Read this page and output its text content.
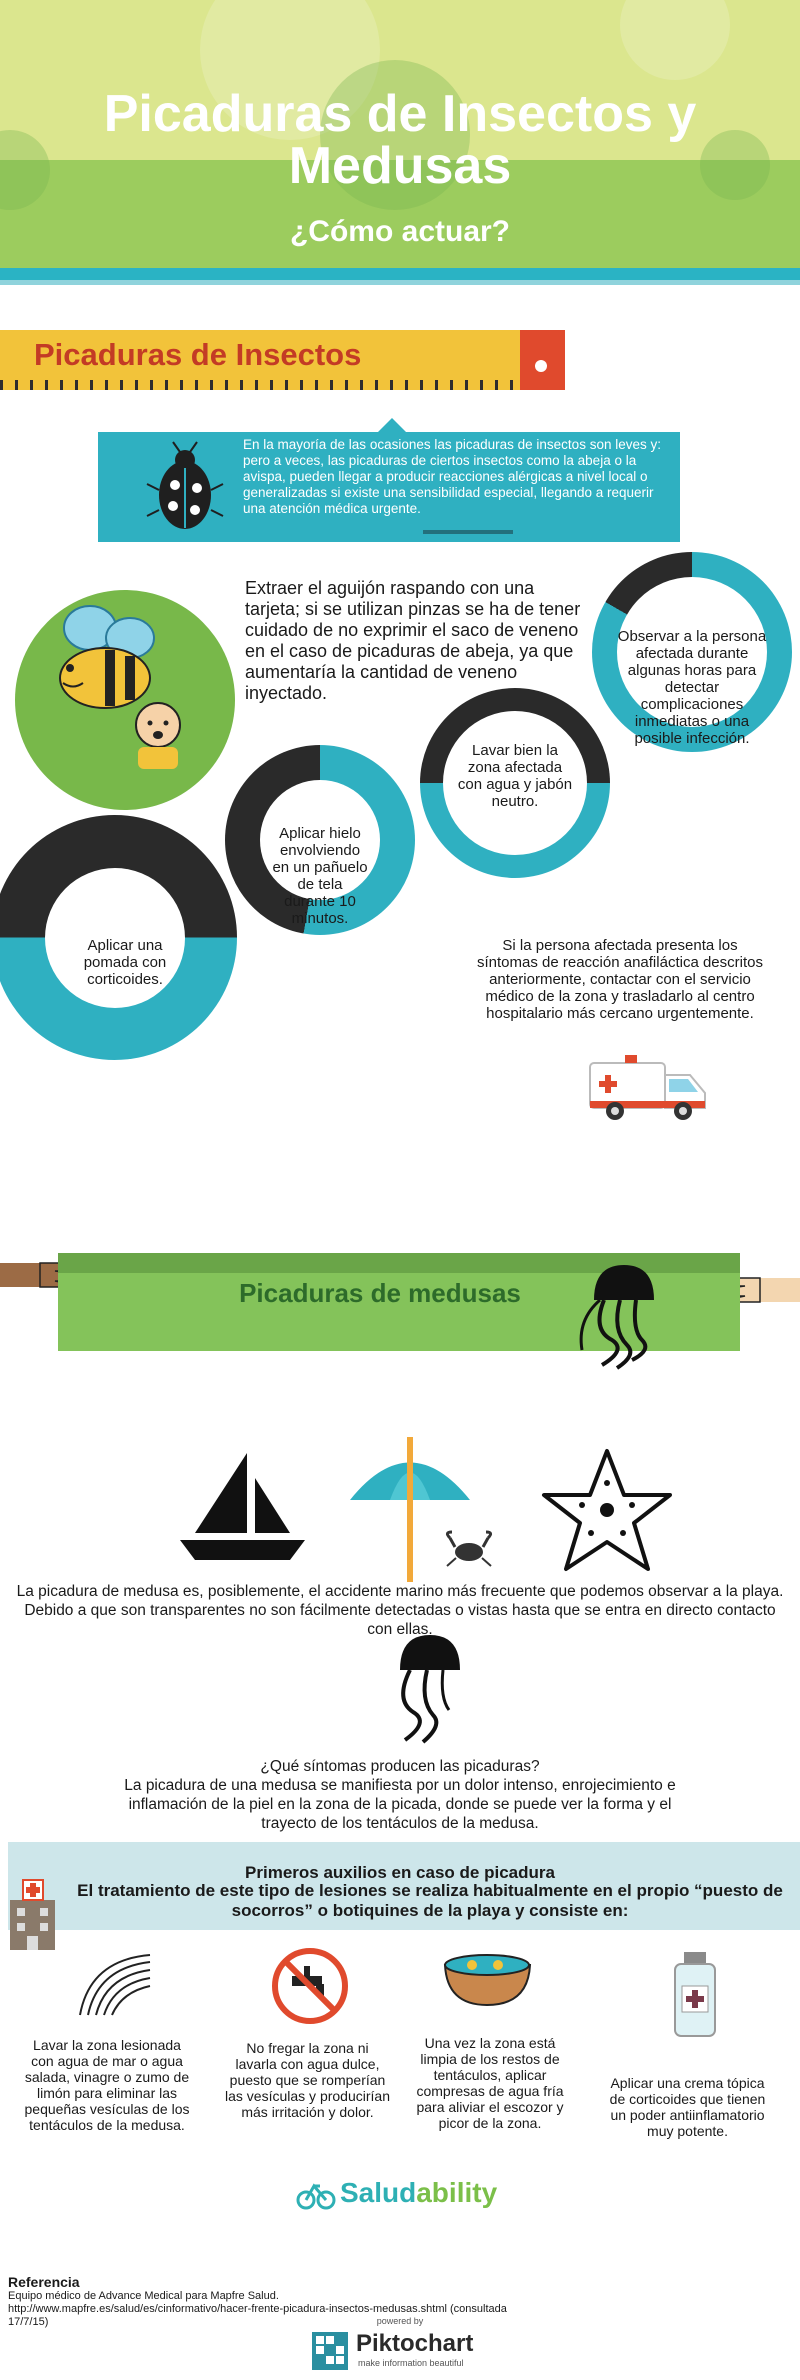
Picaduras de Insectos y Medusas
¿Cómo actuar?
Picaduras de Insectos
En la mayoría de las ocasiones las picaduras de insectos son leves y: pero a veces, las picaduras de ciertos insectos como la abeja o la avispa, pueden llegar a producir reacciones alérgicas a nivel local o generalizadas si existe una sensibilidad especial, llegando a requerir una atención médica urgente.
Extraer el aguijón raspando con una tarjeta; si se utilizan pinzas se ha de tener cuidado de no exprimir el saco de veneno en el caso de picaduras de abeja, ya que aumentaría la cantidad de veneno inyectado.
Observar a la persona afectada durante algunas horas para detectar complicaciones inmediatas o una posible infección.
Lavar bien la zona afectada con agua y jabón neutro.
Aplicar hielo envolviendo en un pañuelo de tela durante 10 minutos.
Aplicar una pomada con corticoides.
Si la persona afectada presenta los síntomas de reacción anafiláctica descritos anteriormente, contactar con el servicio médico de la zona y trasladarlo al centro hospitalario más cercano urgentemente.
Picaduras de medusas
La picadura de medusa es, posiblemente, el accidente marino más frecuente que podemos observar a la playa. Debido a que son transparentes no son fácilmente detectadas o vistas hasta que se entra en directo contacto con ellas.
¿Qué síntomas producen las picaduras?
La picadura de una medusa se manifiesta por un dolor intenso, enrojecimiento e inflamación de la piel en la zona de la picada, donde se puede ver la forma y el trayecto de los tentáculos de la medusa.
Primeros auxilios en caso de picadura
El tratamiento de este tipo de lesiones se realiza habitualmente en el propio “puesto de socorros” o botiquines de la playa y consiste en:
Lavar la zona lesionada con agua de mar o agua salada, vinagre o zumo de limón para eliminar las pequeñas vesículas de los tentáculos de la medusa.
No fregar la zona ni lavarla con agua dulce, puesto que se romperían las vesículas y producirían más irritación y dolor.
Una vez la zona está limpia de los restos de tentáculos, aplicar compresas de agua fría para aliviar el escozor y picor de la zona.
Aplicar una crema tópica de corticoides que tienen un poder antiinflamatorio muy potente.
Saludability
Referencia
Equipo médico de Advance Medical para Mapfre Salud.
http://www.mapfre.es/salud/es/cinformativo/hacer-frente-picadura-insectos-medusas.shtml (consultada 17/7/15)	powered by
Piktochart
make information beautiful
